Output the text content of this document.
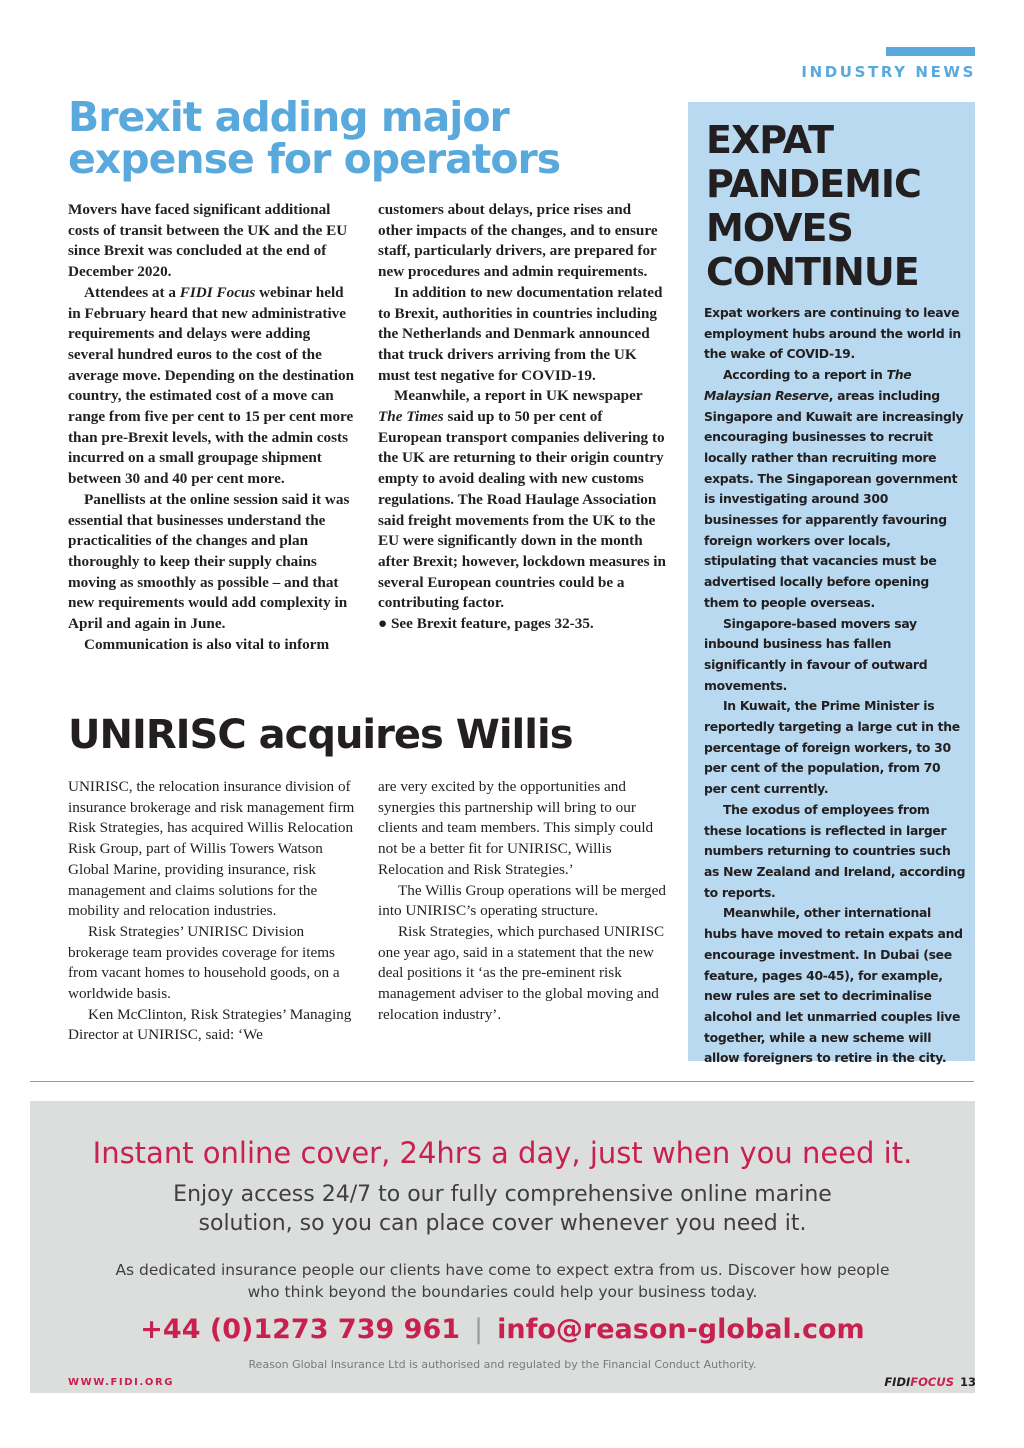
INDUSTRY NEWS
Brexit adding major expense for operators

Movers have faced significant additional costs of transit between the UK and the EU since Brexit was concluded at the end of December 2020.

Attendees at a FIDI Focus webinar held in February heard that new administrative requirements and delays were adding several hundred euros to the cost of the average move. Depending on the destination country, the estimated cost of a move can range from five per cent to 15 per cent more than pre-Brexit levels, with the admin costs incurred on a small groupage shipment between 30 and 40 per cent more.

Panellists at the online session said it was essential that businesses understand the practicalities of the changes and plan thoroughly to keep their supply chains moving as smoothly as possible – and that new requirements would add complexity in April and again in June.

Communication is also vital to inform

customers about delays, price rises and other impacts of the changes, and to ensure staff, particularly drivers, are prepared for new procedures and admin requirements.

In addition to new documentation related to Brexit, authorities in countries including the Netherlands and Denmark announced that truck drivers arriving from the UK must test negative for COVID-19.

Meanwhile, a report in UK newspaper The Times said up to 50 per cent of European transport companies delivering to the UK are returning to their origin country empty to avoid dealing with new customs regulations. The Road Haulage Association said freight movements from the UK to the EU were significantly down in the month after Brexit; however, lockdown measures in several European countries could be a contributing factor.

● See Brexit feature, pages 32-35.

UNIRISC acquires Willis

UNIRISC, the relocation insurance division of insurance brokerage and risk management firm Risk Strategies, has acquired Willis Relocation Risk Group, part of Willis Towers Watson Global Marine, providing insurance, risk management and claims solutions for the mobility and relocation industries.

Risk Strategies’ UNIRISC Division brokerage team provides coverage for items from vacant homes to household goods, on a worldwide basis.

Ken McClinton, Risk Strategies’ Managing Director at UNIRISC, said: ‘We

are very excited by the opportunities and synergies this partnership will bring to our clients and team members. This simply could not be a better fit for UNIRISC, Willis Relocation and Risk Strategies.’

The Willis Group operations will be merged into UNIRISC’s operating structure.

Risk Strategies, which purchased UNIRISC one year ago, said in a statement that the new deal positions it ‘as the pre-eminent risk management adviser to the global moving and relocation industry’.

EXPAT PANDEMIC MOVES CONTINUE

Expat workers are continuing to leave employment hubs around the world in the wake of COVID-19.

According to a report in The Malaysian Reserve, areas including Singapore and Kuwait are increasingly encouraging businesses to recruit locally rather than recruiting more expats. The Singaporean government is investigating around 300 businesses for apparently favouring foreign workers over locals, stipulating that vacancies must be advertised locally before opening them to people overseas.

Singapore-based movers say inbound business has fallen significantly in favour of outward movements.

In Kuwait, the Prime Minister is reportedly targeting a large cut in the percentage of foreign workers, to 30 per cent of the population, from 70 per cent currently.

The exodus of employees from these locations is reflected in larger numbers returning to countries such as New Zealand and Ireland, according to reports.

Meanwhile, other international hubs have moved to retain expats and encourage investment. In Dubai (see feature, pages 40-45), for example, new rules are set to decriminalise alcohol and let unmarried couples live together, while a new scheme will allow foreigners to retire in the city.

Instant online cover, 24hrs a day, just when you need it.
Enjoy access 24/7 to our fully comprehensive online marine solution, so you can place cover whenever you need it.
As dedicated insurance people our clients have come to expect extra from us. Discover how people who think beyond the boundaries could help your business today.
+44 (0)1273 739 961 | info@reason-global.com
Reason Global Insurance Ltd is authorised and regulated by the Financial Conduct Authority.
WWW.FIDI.ORG	FIDIFOCUS 13
